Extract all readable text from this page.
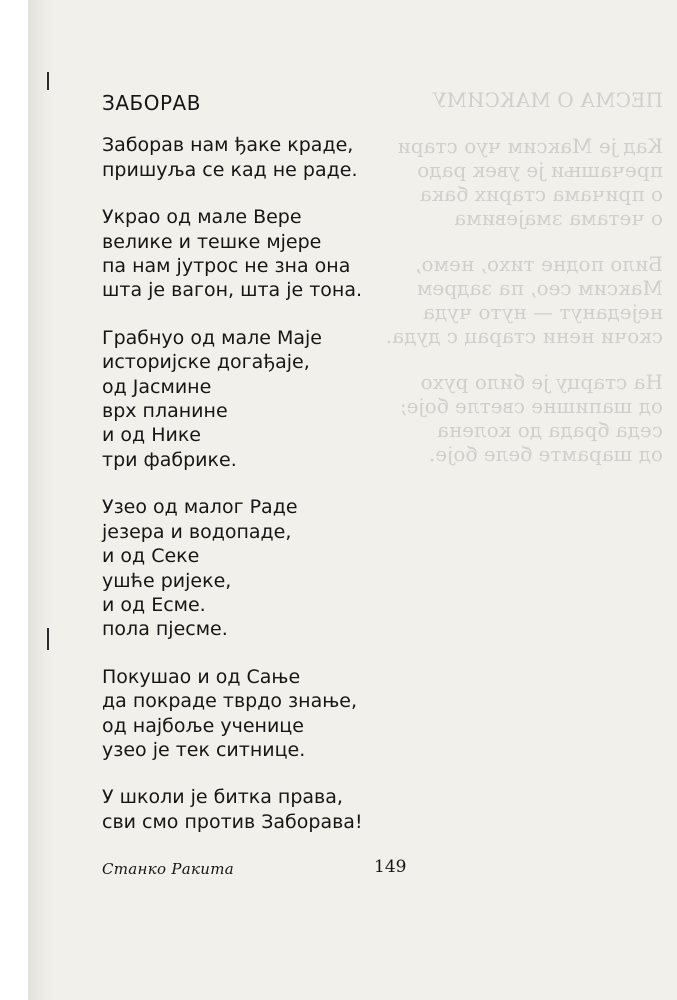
ПЕСМА О МАКСИМУ
Кад је Максим чуо стари
пречашњи је увек радо
о причама старих бака
о четама змајевима
Било подне тихо, немо,
Максим сео, па задрем
неједанут — нуто чуда
скочи нени старац с дуда.
На старцу је било рухо
од шапишне светле боје;
седа брада до колена
од шарамте беле боје.
149
ЗАБОРАВ
Заборав нам ђаке краде,
пришуља се кад не раде.
Украо од мале Вере
велике и тешке мјере
па нам јутрос не зна она
шта је вагон, шта је тона.
Грабнуо од мале Маје
историјске догађаје,
од Јасмине
врх планине
и од Нике
три фабрике.
Узео од малог Раде
језера и водопаде,
и од Секе
ушће ријеке,
и од Есме.
пола пјесме.
Покушао и од Сање
да покраде тврдо знање,
од најбоље ученице
узео је тек ситнице.
У школи је битка права,
сви смо против Заборава!
Станко Ракита
